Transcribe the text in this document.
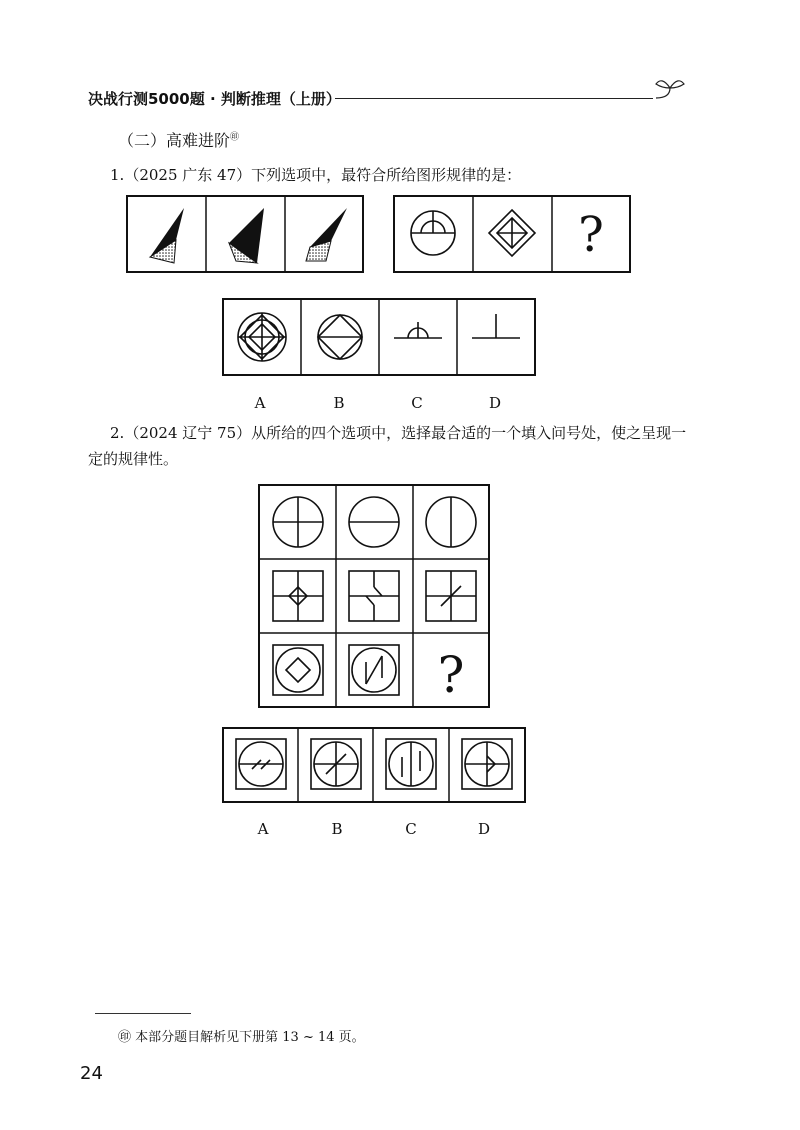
决战行测5000题 · 判断推理（上册）
（二）高难进阶㊞
1.（2025 广东 47）下列选项中，最符合所给图形规律的是：
?
A	B	C	D
2.（2024 辽宁 75）从所给的四个选项中，选择最合适的一个填入问号处，使之呈现一定的规律性。
?
A	B	C	D
㊞ 本部分题目解析见下册第 13 ~ 14 页。
24
